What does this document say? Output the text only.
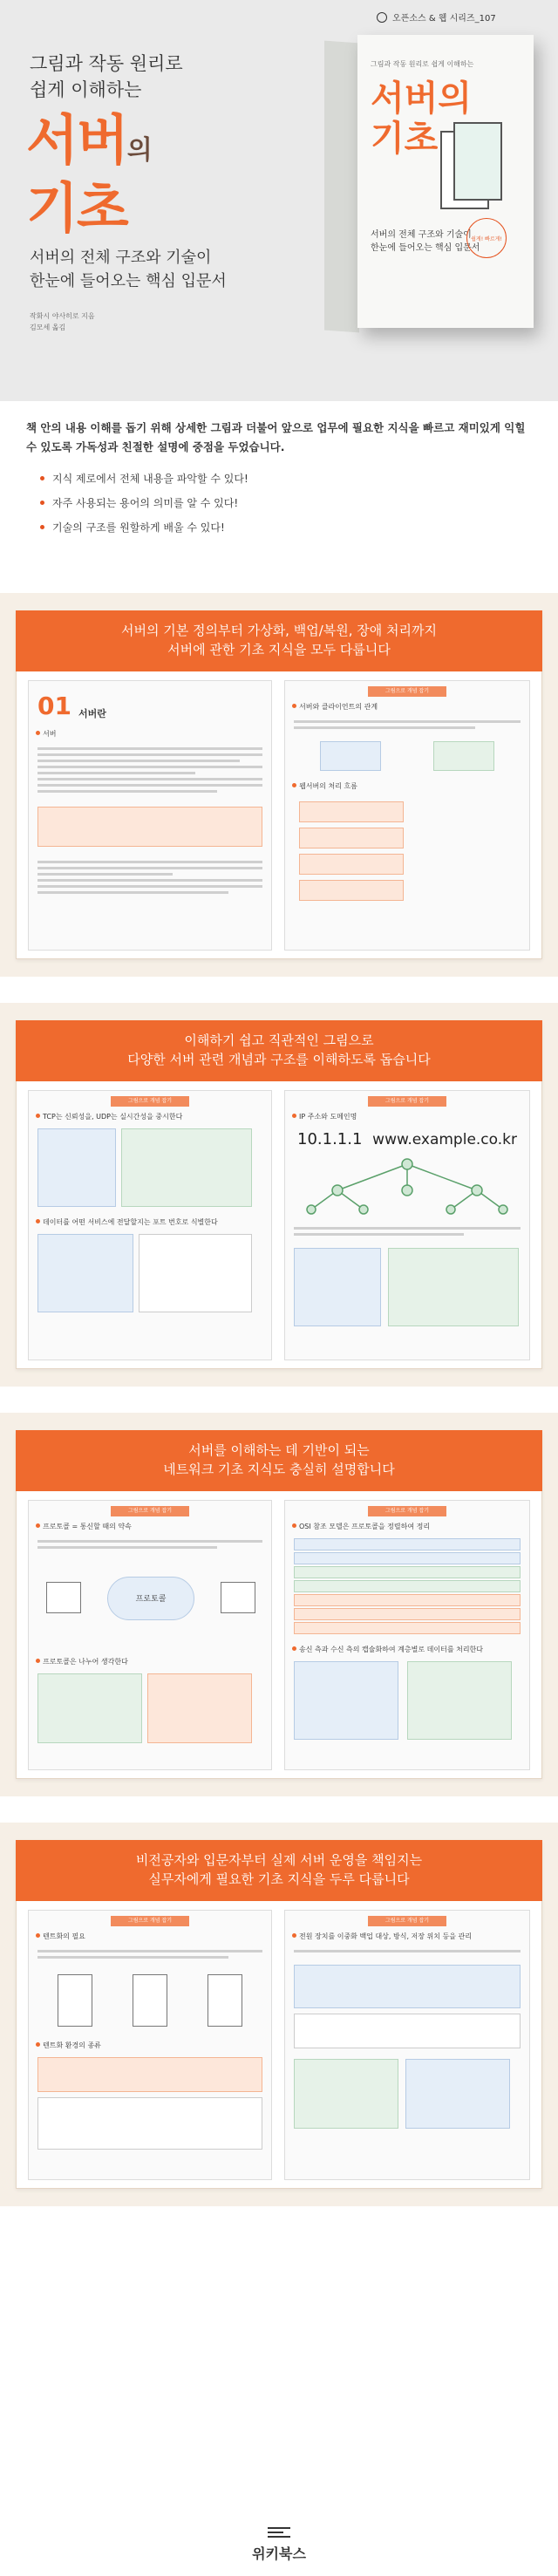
오픈소스 & 웹 시리즈_107
그림과 작동 원리로
쉽게 이해하는
서버의
기초
서버의 전체 구조와 기술이
한눈에 들어오는 핵심 입문서
작화시 야사히로 지음
김모세 옮김
그림과 작동 원리로 쉽게 이해하는
서버의
기초
서버의 전체 구조와 기술이
한눈에 들어오는 핵심 입문서
쉽게! 빠르게!
책 안의 내용 이해를 돕기 위해 상세한 그림과 더불어 앞으로 업무에 필요한 지식을 빠르고 재미있게 익힐 수 있도록 가독성과 친절한 설명에 중점을 두었습니다.
지식 제로에서 전체 내용을 파악할 수 있다!
자주 사용되는 용어의 의미를 알 수 있다!
기술의 구조를 원할하게 배울 수 있다!
서버의 기본 정의부터 가상화, 백업/복원, 장애 처리까지
서버에 관한 기초 지식을 모두 다룹니다
01 서버란
서버
그림으로 개념 잡기
서버와 클라이언트의 관계
웹서버의 처리 흐름
이해하기 쉽고 직관적인 그림으로
다양한 서버 관련 개념과 구조를 이해하도록 돕습니다
그림으로 개념 잡기
TCP는 신뢰성을, UDP는 실시간성을 중시한다
데이터를 어떤 서비스에 전달할지는 포트 번호로 식별한다
그림으로 개념 잡기
IP 주소와 도메인명
10.1.1.1 www.example.co.kr
서버를 이해하는 데 기반이 되는
네트워크 기초 지식도 충실히 설명합니다
그림으로 개념 잡기
프로토콜 = 통신할 때의 약속
프로토콜
프로토콜은 나누어 생각한다
그림으로 개념 잡기
OSI 참조 모델은 프로토콜을 정렬하여 정리
송신 측과 수신 측의 캡슐화하여 계층별로 데이터를 처리한다
비전공자와 입문자부터 실제 서버 운영을 책임지는
실무자에게 필요한 기초 지식을 두루 다룹니다
그림으로 개념 잡기
텐트화의 필요
텐트화 환경의 종류
그림으로 개념 잡기
전원 장치를 이중화 백업 대상, 방식, 저장 위치 등을 관리
위키북스
